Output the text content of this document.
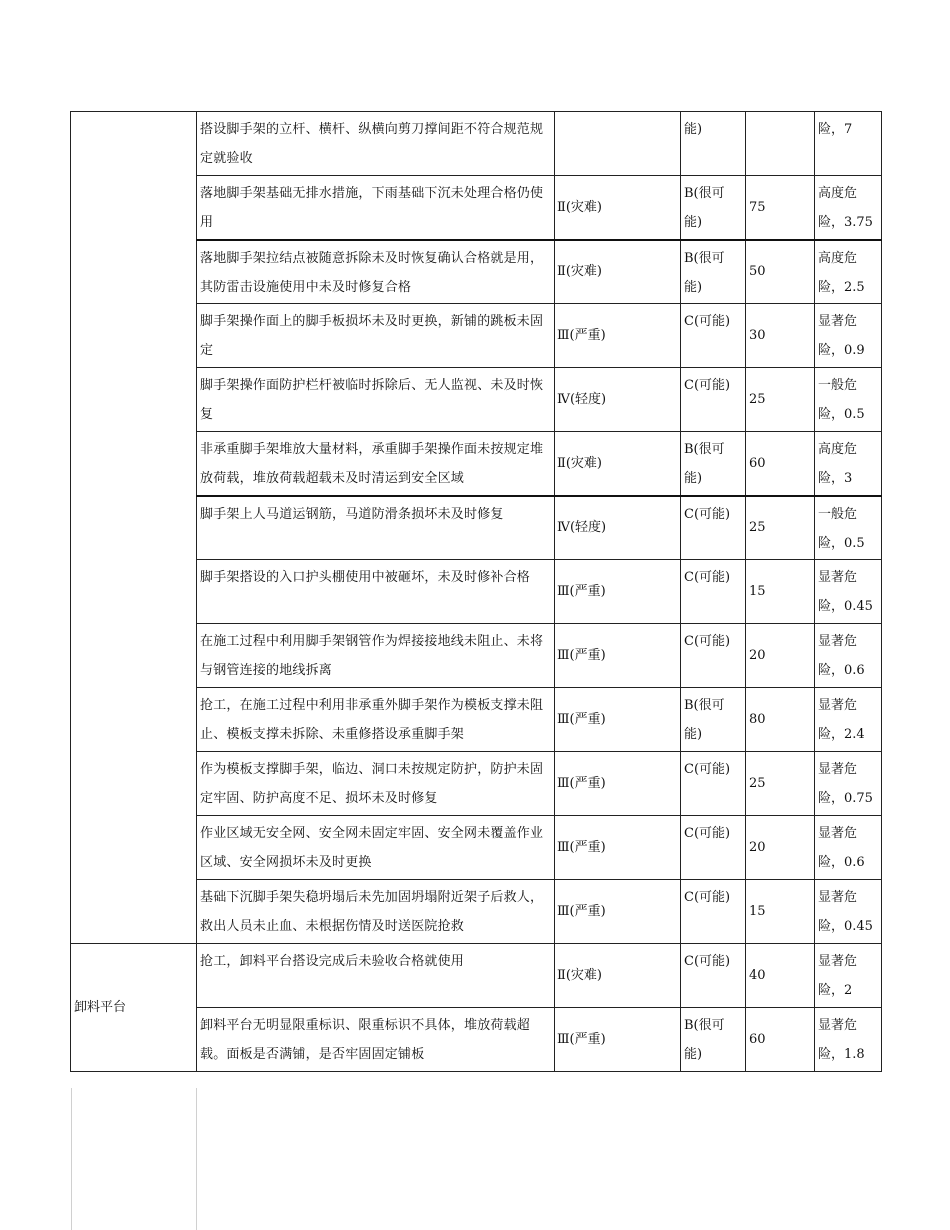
	搭设脚手架的立杆、横杆、纵横向剪刀撑间距不符合规范规定就验收		能)		险，7
	落地脚手架基础无排水措施，下雨基础下沉未处理合格仍使用	Ⅱ(灾难)	B(很可能)	75	高度危险，3.75
	落地脚手架拉结点被随意拆除未及时恢复确认合格就是用，其防雷击设施使用中未及时修复合格	Ⅱ(灾难)	B(很可能)	50	高度危险，2.5
	脚手架操作面上的脚手板损坏未及时更换，新铺的跳板未固定	Ⅲ(严重)	C(可能)	30	显著危险，0.9
	脚手架操作面防护栏杆被临时拆除后、无人监视、未及时恢复	Ⅳ(轻度)	C(可能)	25	一般危险，0.5
	非承重脚手架堆放大量材料，承重脚手架操作面未按规定堆放荷载，堆放荷载超载未及时清运到安全区域	Ⅱ(灾难)	B(很可能)	60	高度危险，3
	脚手架上人马道运钢筋，马道防滑条损坏未及时修复	Ⅳ(轻度)	C(可能)	25	一般危险，0.5
	脚手架搭设的入口护头棚使用中被砸坏，未及时修补合格	Ⅲ(严重)	C(可能)	15	显著危险，0.45
	在施工过程中利用脚手架钢管作为焊接接地线未阻止、未将与钢管连接的地线拆离	Ⅲ(严重)	C(可能)	20	显著危险，0.6
	抢工，在施工过程中利用非承重外脚手架作为模板支撑未阻止、模板支撑未拆除、未重修搭设承重脚手架	Ⅲ(严重)	B(很可能)	80	显著危险，2.4
	作为模板支撑脚手架，临边、洞口未按规定防护，防护未固定牢固、防护高度不足、损坏未及时修复	Ⅲ(严重)	C(可能)	25	显著危险，0.75
	作业区域无安全网、安全网未固定牢固、安全网未覆盖作业区域、安全网损坏未及时更换	Ⅲ(严重)	C(可能)	20	显著危险，0.6
	基础下沉脚手架失稳坍塌后未先加固坍塌附近架子后救人，救出人员未止血、未根据伤情及时送医院抢救	Ⅲ(严重)	C(可能)	15	显著危险，0.45
卸料平台	抢工，卸料平台搭设完成后未验收合格就使用	Ⅱ(灾难)	C(可能)	40	显著危险，2
	卸料平台无明显限重标识、限重标识不具体，堆放荷载超载。面板是否满铺，是否牢固固定铺板	Ⅲ(严重)	B(很可能)	60	显著危险，1.8
